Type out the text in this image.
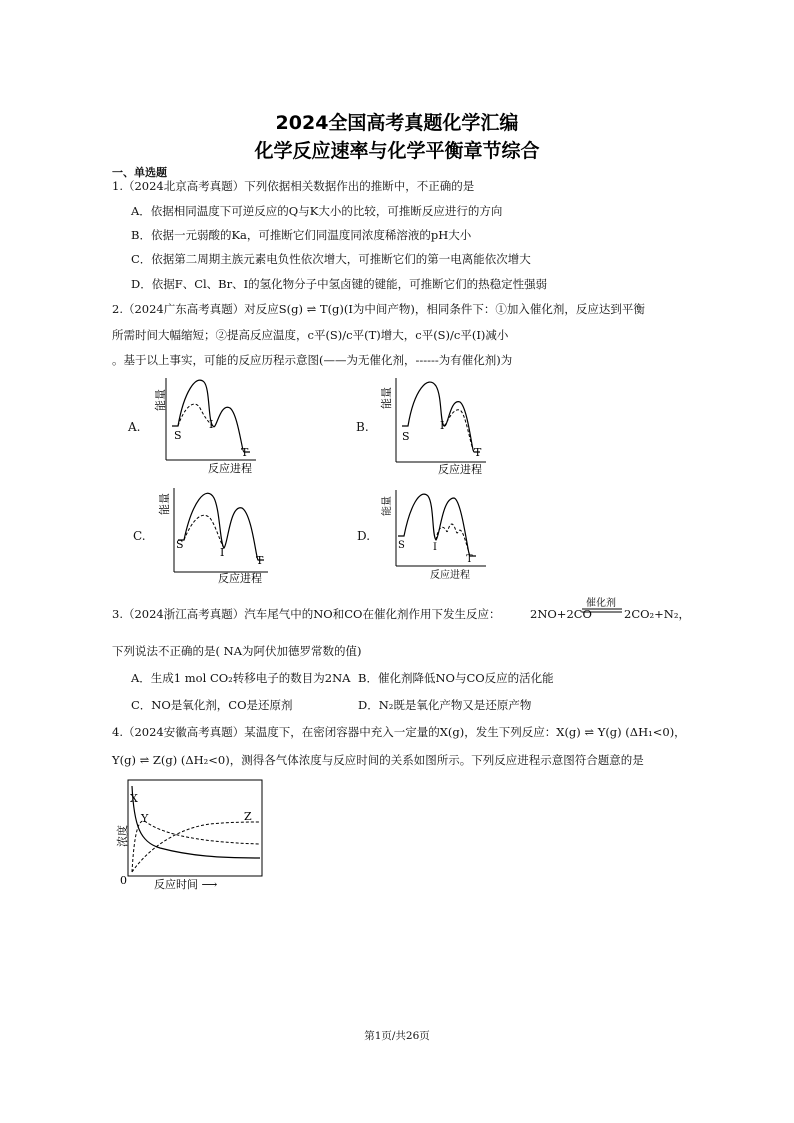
2024全国高考真题化学汇编
化学反应速率与化学平衡章节综合
一、单选题
1.（2024北京高考真题）下列依据相关数据作出的推断中，不正确的是
A．依据相同温度下可逆反应的Q与K大小的比较，可推断反应进行的方向
B．依据一元弱酸的Ka，可推断它们同温度同浓度稀溶液的pH大小
C．依据第二周期主族元素电负性依次增大，可推断它们的第一电离能依次增大
D．依据F、Cl、Br、I的氢化物分子中氢卤键的键能，可推断它们的热稳定性强弱
2.（2024广东高考真题）对反应S(g) ⇌ T(g)(I为中间产物)，相同条件下：①加入催化剂，反应达到平衡
所需时间大幅缩短；②提高反应温度，c平(S)/c平(T)增大，c平(S)/c平(I)减小
。基于以上事实，可能的反应历程示意图(——为无催化剂，------为有催化剂)为
A.	B.
C.	D.
能量
S
I
T
反应进程
能量
S
I
T
反应进程
能量
S
I
T
反应进程
能量
S	I
T
反应进程
3.（2024浙江高考真题）汽车尾气中的NO和CO在催化剂作用下发生反应：	2NO+2CO
催化剂
2CO₂+N₂，
下列说法不正确的是( NA为阿伏加德罗常数的值)
A．生成1 mol CO₂转移电子的数目为2NA B．催化剂降低NO与CO反应的活化能
C．NO是氧化剂，CO是还原剂	D．N₂既是氧化产物又是还原产物
4.（2024安徽高考真题）某温度下，在密闭容器中充入一定量的X(g)，发生下列反应：X(g) ⇌ Y(g) (ΔH₁<0)，
Y(g) ⇌ Z(g) (ΔH₂<0)，测得各气体浓度与反应时间的关系如图所示。下列反应进程示意图符合题意的是
浓度
0 反应时间 ⟶
X
Y	Z
第1页/共26页
